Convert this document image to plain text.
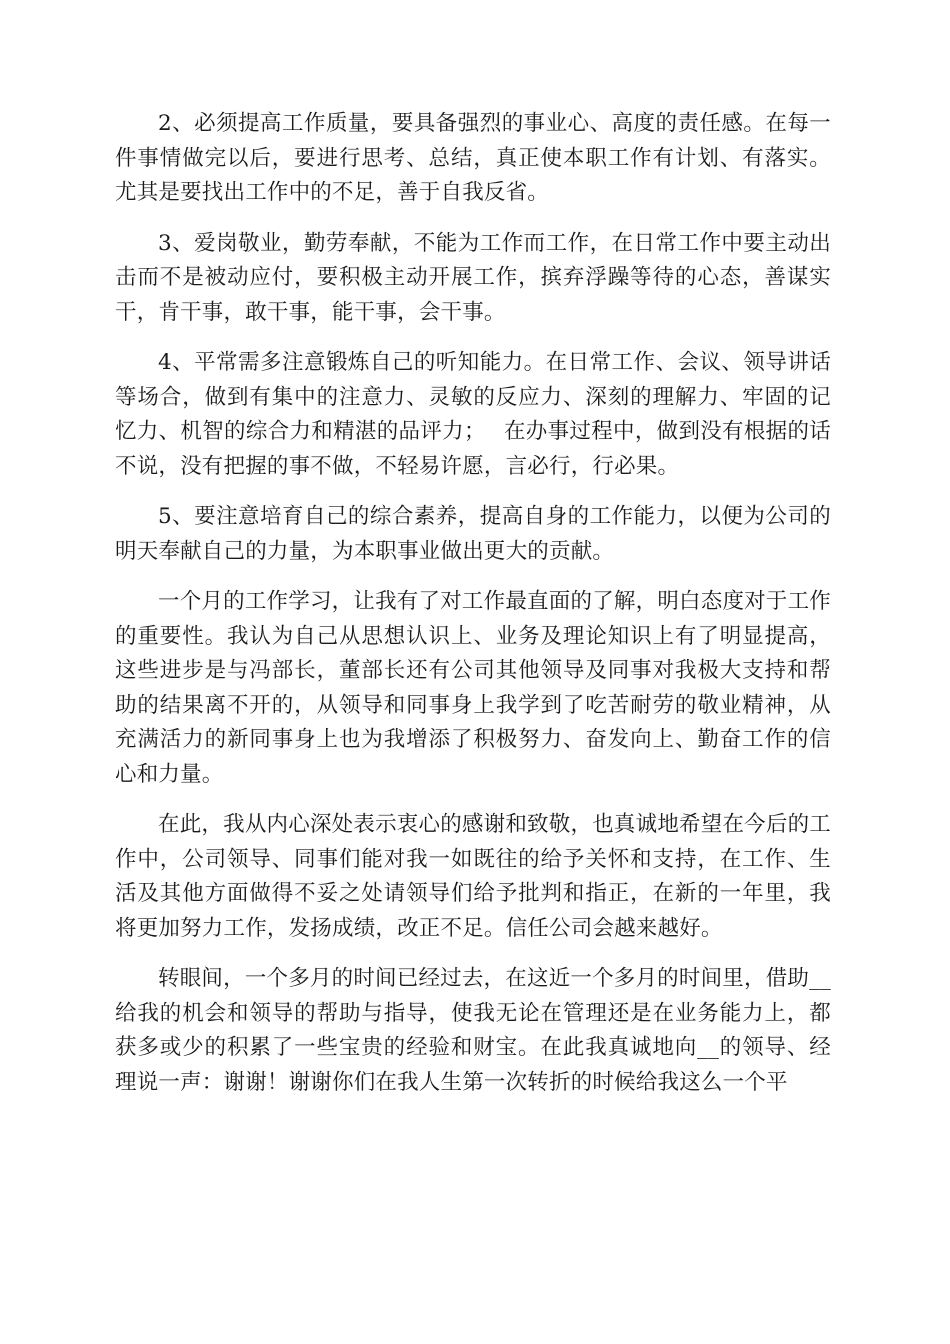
2、必须提高工作质量，要具备强烈的事业心、高度的责任感。在每一件事情做完以后，要进行思考、总结，真正使本职工作有计划、有落实。尤其是要找出工作中的不足，善于自我反省。

3、爱岗敬业，勤劳奉献，不能为工作而工作，在日常工作中要主动出击而不是被动应付，要积极主动开展工作，摈弃浮躁等待的心态，善谋实干，肯干事，敢干事，能干事，会干事。

4、平常需多注意锻炼自己的听知能力。在日常工作、会议、领导讲话等场合，做到有集中的注意力、灵敏的反应力、深刻的理解力、牢固的记忆力、机智的综合力和精湛的品评力；　 在办事过程中，做到没有根据的话不说，没有把握的事不做，不轻易许愿，言必行，行必果。

5、要注意培育自己的综合素养，提高自身的工作能力，以便为公司的明天奉献自己的力量，为本职事业做出更大的贡献。

一个月的工作学习，让我有了对工作最直面的了解，明白态度对于工作的重要性。我认为自己从思想认识上、业务及理论知识上有了明显提高，这些进步是与冯部长，董部长还有公司其他领导及同事对我极大支持和帮助的结果离不开的，从领导和同事身上我学到了吃苦耐劳的敬业精神，从充满活力的新同事身上也为我增添了积极努力、奋发向上、勤奋工作的信心和力量。

在此，我从内心深处表示衷心的感谢和致敬，也真诚地希望在今后的工作中，公司领导、同事们能对我一如既往的给予关怀和支持，在工作、生活及其他方面做得不妥之处请领导们给予批判和指正，在新的一年里，我将更加努力工作，发扬成绩，改正不足。信任公司会越来越好。

转眼间，一个多月的时间已经过去，在这近一个多月的时间里，借助__给我的机会和领导的帮助与指导，使我无论在管理还是在业务能力上，都获多或少的积累了一些宝贵的经验和财宝。在此我真诚地向__的领导、经理说一声：谢谢！谢谢你们在我人生第一次转折的时候给我这么一个平
